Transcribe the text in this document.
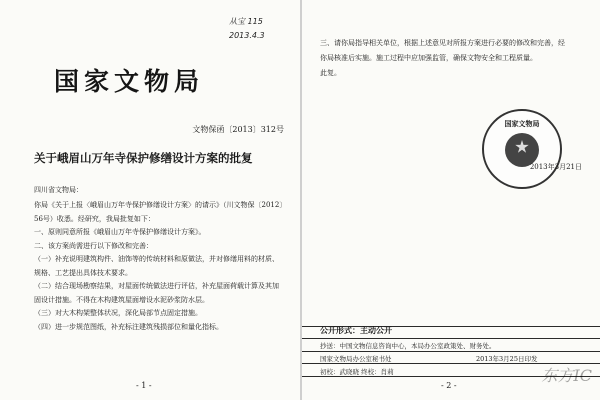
从宝 115
2013.4.3
国家文物局
文物保函〔2013〕312号
关于峨眉山万年寺保护修缮设计方案的批复
四川省文物局：

你局《关于上报〈峨眉山万年寺保护修缮设计方案〉的请示》（川文物保〔2012〕56号）收悉。经研究，我局批复如下：

一、原则同意所报《峨眉山万年寺保护修缮设计方案》。

二、该方案尚需进行以下修改和完善：

（一）补充说明建筑构件、油饰等的传统材料和原做法，并对修缮用料的材质、规格、工艺提出具体技术要求。

（二）结合现场勘察结果，对屋面传统做法进行评估，补充屋面荷载计算及其加固设计措施。不得在木构建筑屋面增设水泥砂浆防水层。

（三）对大木构架整体状况，深化局部节点固定措施。

（四）进一步规范图纸，补充标注建筑残损部位和量化指标。

- 1 -

三、请你局指导相关单位，根据上述意见对所报方案进行必要的修改和完善，经你局核准后实施。施工过程中应加强监管，确保文物安全和工程质量。

此复。

国家文物局
2013年3月21日
公开形式：主动公开
抄送：中国文物信息咨询中心，本局办公室政策处、财务处。
国家文物局办公室秘书处	2013年3月25日印发
初校：武晓晓 终校：肖莉
- 2 -
东方IC
